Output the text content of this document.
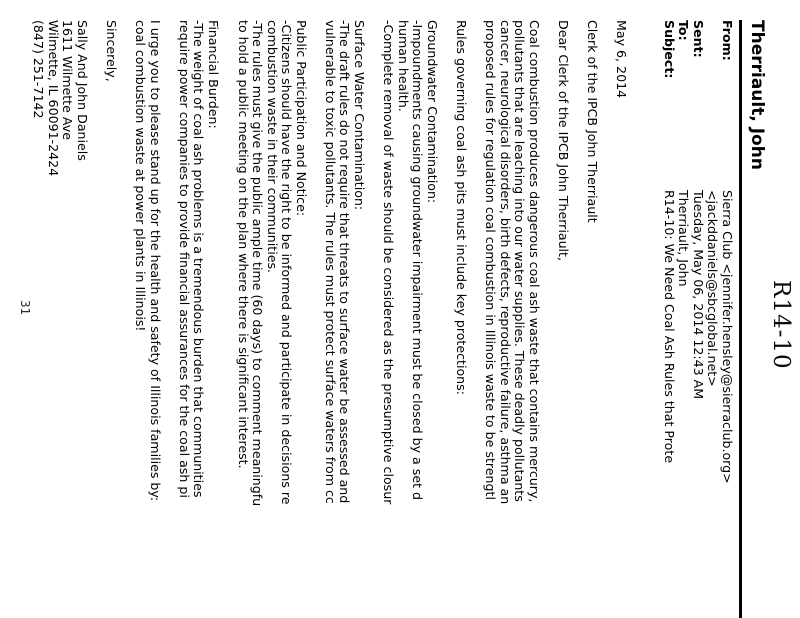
R14-10
Therriault, John
From:
Sierra Club <jennifer.hensley@sierraclub.org>
<jackddaniels@sbcglobal.net>
Sent:
Tuesday, May 06, 2014 12:43 AM
To:
Therriault, John
Subject:
R14-10: We Need Coal Ash Rules that Prote

May 6, 2014

Clerk of the IPCB John Therriault

Dear Clerk of the IPCB John Therriault,

Coal combustion produces dangerous coal ash waste that contains mercury,

pollutants that are leaching into our water supplies. These deadly pollutants

cancer, neurological disorders, birth defects, reproductive failure, asthma an

proposed rules for regulation coal combustion in Illinois waste to be strengtl

Rules governing coal ash pits must include key protections:

Groundwater Contamination:

-Impoundments causing groundwater impairment must be closed by a set d

human health.

-Complete removal of waste should be considered as the presumptive closur

Surface Water Contamination:

-The draft rules do not require that threats to surface water be assessed and

vulnerable to toxic pollutants. The rules must protect surface waters from cc

Public Participation and Notice:

-Citizens should have the right to be informed and participate in decisions re

combustion waste in their communities.

-The rules must give the public ample time (60 days) to comment meaningfu

to hold a public meeting on the plan where there is significant interest.

Financial Burden:

-The weight of coal ash problems is a tremendous burden that communities

require power companies to provide financial assurances for the coal ash pi

I urge you to please stand up for the health and safety of Illinois families by:

coal combustion waste at power plants in Illinois!

Sincerely,

Sally And John Daniels

1611 Wilmette Ave

Wilmette, IL 60091-2424

(847) 251-7142

31
